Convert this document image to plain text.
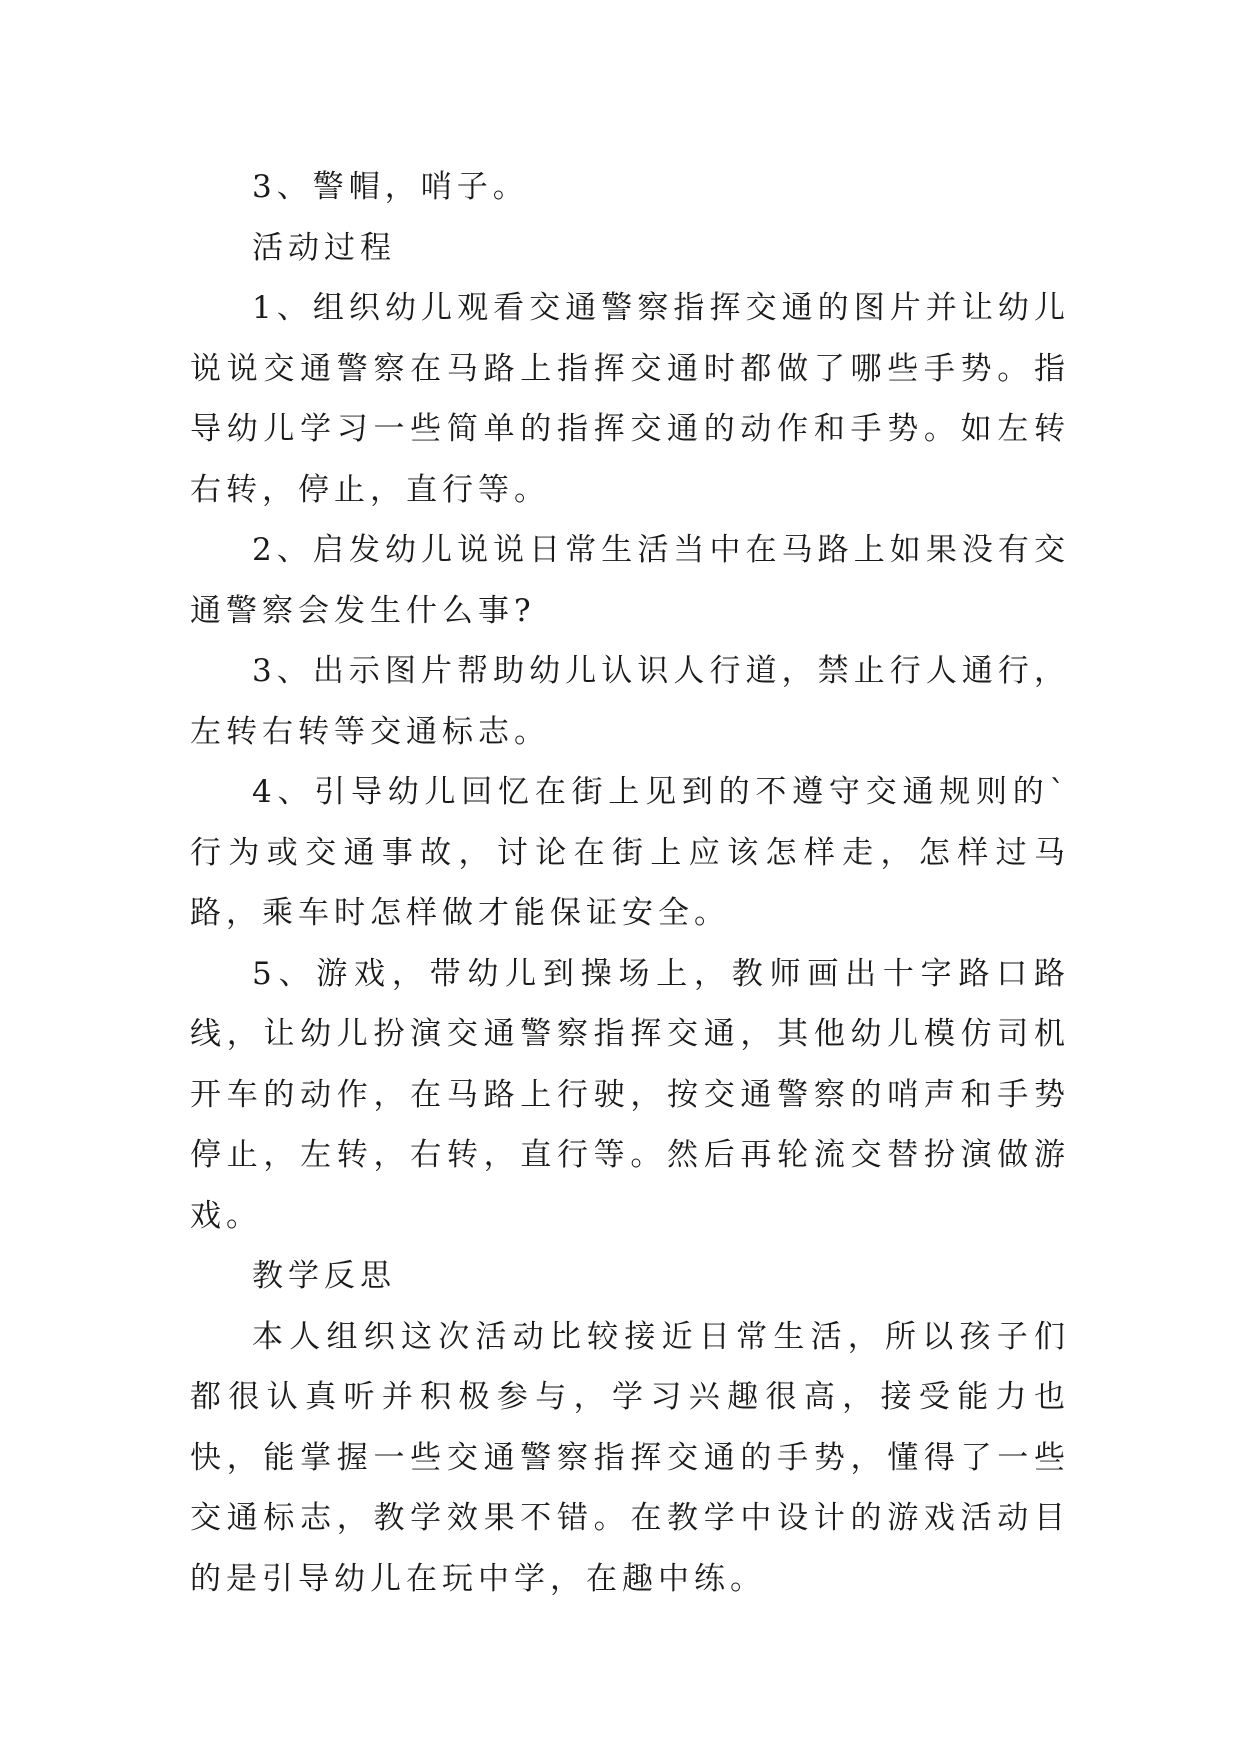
3、警帽，哨子。

活动过程

1、组织幼儿观看交通警察指挥交通的图片并让幼儿说说交通警察在马路上指挥交通时都做了哪些手势。指导幼儿学习一些简单的指挥交通的动作和手势。如左转右转，停止，直行等。

2、启发幼儿说说日常生活当中在马路上如果没有交通警察会发生什么事?

3、出示图片帮助幼儿认识人行道，禁止行人通行，左转右转等交通标志。

4、引导幼儿回忆在街上见到的不遵守交通规则的`行为或交通事故，讨论在街上应该怎样走，怎样过马路，乘车时怎样做才能保证安全。

5、游戏，带幼儿到操场上，教师画出十字路口路线，让幼儿扮演交通警察指挥交通，其他幼儿模仿司机开车的动作，在马路上行驶，按交通警察的哨声和手势停止，左转，右转，直行等。然后再轮流交替扮演做游戏。

教学反思

本人组织这次活动比较接近日常生活，所以孩子们都很认真听并积极参与，学习兴趣很高，接受能力也快，能掌握一些交通警察指挥交通的手势，懂得了一些交通标志，教学效果不错。在教学中设计的游戏活动目的是引导幼儿在玩中学，在趣中练。
